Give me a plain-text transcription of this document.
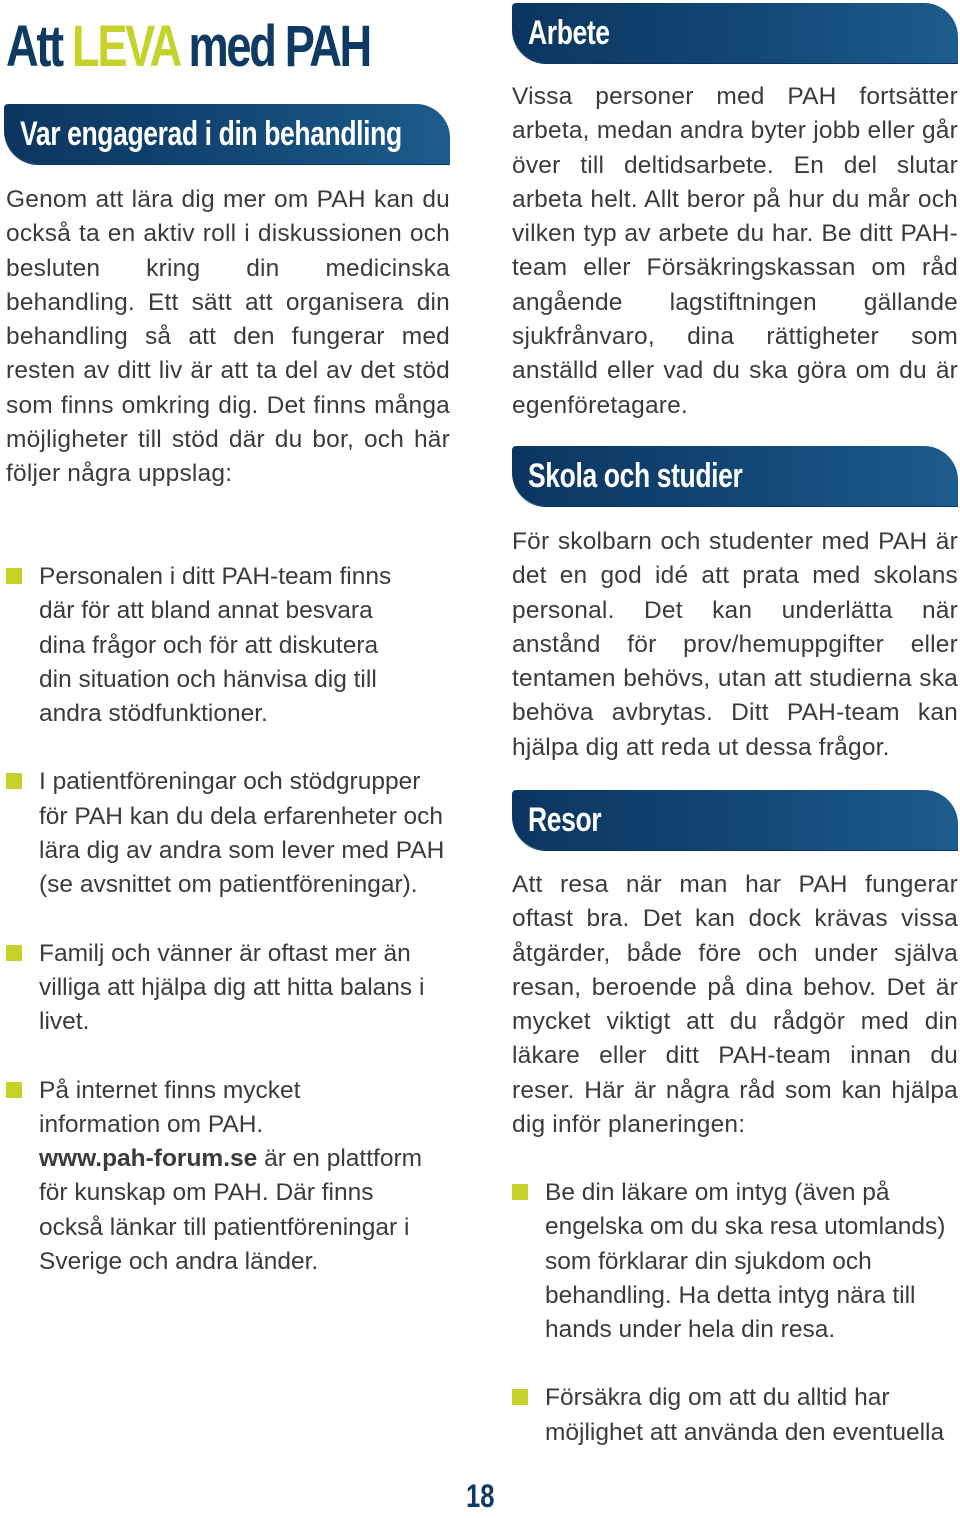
Att LEVA med PAH
Var engagerad i din behandling

Genom att lära dig mer om PAH kan du också ta en aktiv roll i diskussionen och besluten kring din medicinska behandling. Ett sätt att organisera din behandling så att den fungerar med resten av ditt liv är att ta del av det stöd som finns omkring dig. Det finns många möjligheter till stöd där du bor, och här följer några uppslag:

Personalen i ditt PAH-team finns där för att bland annat besvara dina frågor och för att diskutera din situation och hänvisa dig till andra stödfunktioner.
I patientföreningar och stödgrupper för PAH kan du dela erfarenheter och lära dig av andra som lever med PAH (se avsnittet om patientföreningar).
Familj och vänner är oftast mer än villiga att hjälpa dig att hitta balans i livet.
På internet finns mycket information om PAH.
www.pah-forum.se är en plattform för kunskap om PAH. Där finns också länkar till patientföreningar i Sverige och andra länder.
Arbete

Vissa personer med PAH fortsätter arbeta, medan andra byter jobb eller går över till deltidsarbete. En del slutar arbeta helt. Allt beror på hur du mår och vilken typ av arbete du har. Be ditt PAH-team eller Försäkringskassan om råd angående lagstiftningen gällande sjukfrånvaro, dina rättigheter som anställd eller vad du ska göra om du är egenföretagare.

Skola och studier

För skolbarn och studenter med PAH är det en god idé att prata med skolans personal. Det kan underlätta när anstånd för prov/hemuppgifter eller tentamen behövs, utan att studierna ska behöva avbrytas. Ditt PAH-team kan hjälpa dig att reda ut dessa frågor.

Resor

Att resa när man har PAH fungerar oftast bra. Det kan dock krävas vissa åtgärder, både före och under själva resan, beroende på dina behov. Det är mycket viktigt att du rådgör med din läkare eller ditt PAH-team innan du reser. Här är några råd som kan hjälpa dig inför planeringen:

Be din läkare om intyg (även på engelska om du ska resa utomlands) som förklarar din sjukdom och behandling. Ha detta intyg nära till hands under hela din resa.
Försäkra dig om att du alltid har möjlighet att använda den eventuella
18
